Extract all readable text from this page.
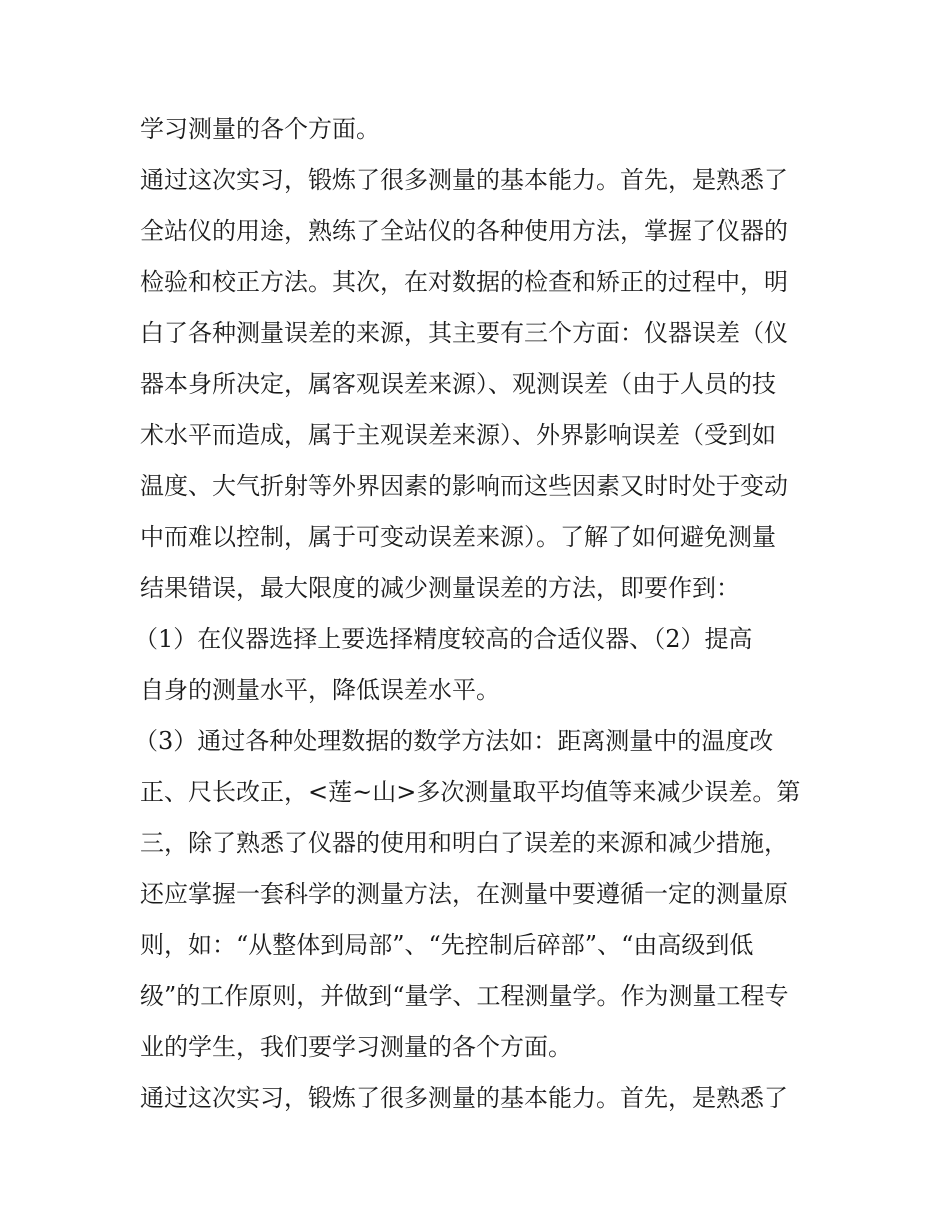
学习测量的各个方面。
通过这次实习，锻炼了很多测量的基本能力。首先，是熟悉了
全站仪的用途，熟练了全站仪的各种使用方法，掌握了仪器的
检验和校正方法。其次，在对数据的检查和矫正的过程中，明
白了各种测量误差的来源，其主要有三个方面：仪器误差（仪
器本身所决定，属客观误差来源）、观测误差（由于人员的技
术水平而造成，属于主观误差来源）、外界影响误差（受到如
温度、大气折射等外界因素的影响而这些因素又时时处于变动
中而难以控制，属于可变动误差来源）。了解了如何避免测量
结果错误，最大限度的减少测量误差的方法，即要作到：
（1）在仪器选择上要选择精度较高的合适仪器、（2）提高
自身的测量水平，降低误差水平。
（3）通过各种处理数据的数学方法如：距离测量中的温度改
正、尺长改正，<莲~山>多次测量取平均值等来减少误差。第
三，除了熟悉了仪器的使用和明白了误差的来源和减少措施，
还应掌握一套科学的测量方法，在测量中要遵循一定的测量原
则，如：“从整体到局部”、“先控制后碎部”、“由高级到低
级”的工作原则，并做到“量学、工程测量学。作为测量工程专
业的学生，我们要学习测量的各个方面。
通过这次实习，锻炼了很多测量的基本能力。首先，是熟悉了
